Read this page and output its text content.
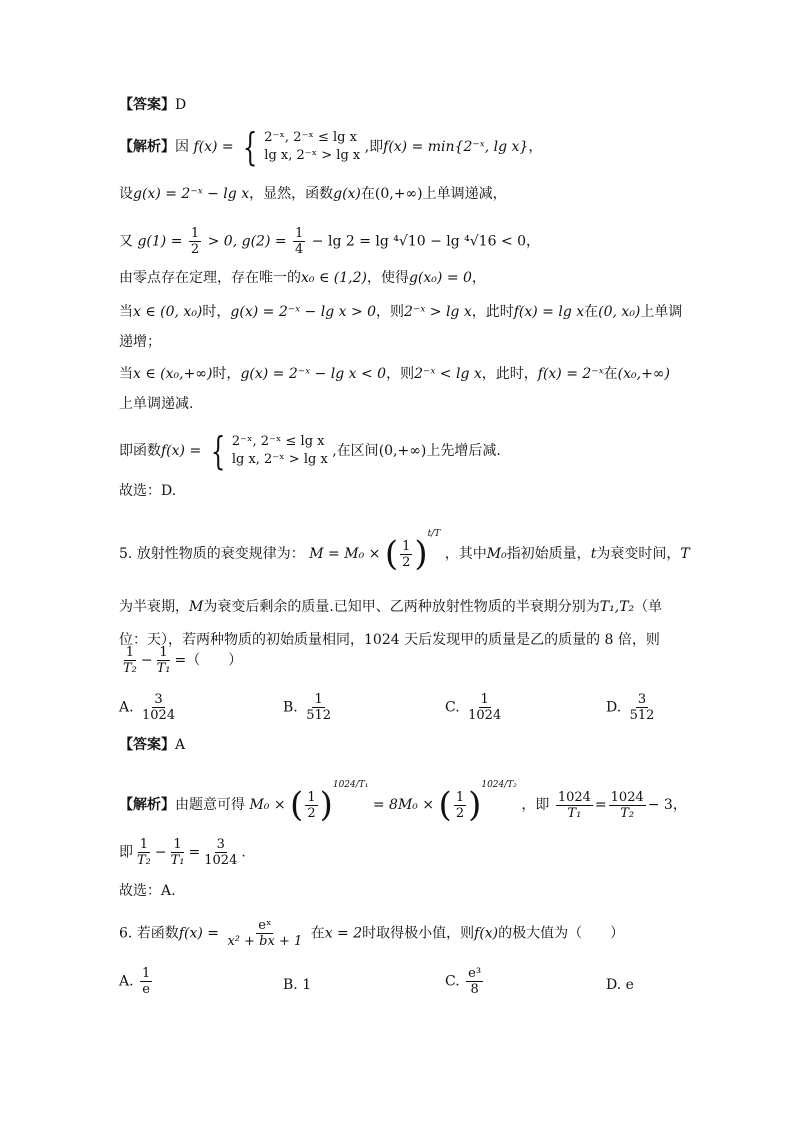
【答案】D
【解析】因 f(x) = { 2⁻ˣ, 2⁻ˣ ≤ lg x
lg x, 2⁻ˣ > lg x
,即f(x) = min{2⁻ˣ, lg x}，
设g(x) = 2⁻ˣ − lg x，显然，函数g(x)在(0,+∞)上单调递减，
又 $g(1) = \frac{1}{2} > 0$, $g(2) = \frac{1}{4} - \lg 2 = \lg ^4√10 - \lg ^4√16 < 0$，
由零点存在定理，存在唯一的x₀ ∈ (1,2)，使得g(x₀) = 0，
当x ∈ (0, x₀)时，g(x) = 2⁻ˣ − lg x > 0，则2⁻ˣ > lg x，此时f(x) = lg x在(0, x₀)上单调
递增；
当x ∈ (x₀,+∞)时，g(x) = 2⁻ˣ − lg x < 0，则2⁻ˣ < lg x，此时，f(x) = 2⁻ˣ在(x₀,+∞)
上单调递减.
即函数f(x) = { 2⁻ˣ, 2⁻ˣ ≤ lg x
lg x, 2⁻ˣ > lg x
,在区间(0,+∞)上先增后减.
故选：D.
5. 放射性物质的衰变规律为： M = M₀ × ( $\frac{1}{2} )^{t/T}$ ，其中M₀指初始质量，t为衰变时间，T
为半衰期，M为衰变后剩余的质量.已知甲、乙两种放射性物质的半衰期分别为T₁,T₂（单
位：天），若两种物质的初始质量相同，1024 天后发现甲的质量是乙的质量的 8 倍，则
$\frac{1}{\text{T₂}} - \frac{1}{\text{T₁}}$ =（　　）
A. $\frac{3}{1024}$	B. $\frac{1}{512}$	C. $\frac{1}{1024}$	D. $\frac{3}{512}$
【答案】A
【解析】由题意可得 M₀ × ( $\frac{1}{2} )^{1024/T_1} = 8M_0$ × ( $\frac{1}{2} )^{1024/T_2}$ ，即 $\frac{1024}{\text{T₁}} = \frac{1024}{\text{T₂}} - 3$，
即 $\frac{1}{\text{T₂}} - \frac{1}{\text{T₁}} = \frac{3}{1024}$ .
故选：A.
6. 若函数$f(x) = \frac{\text{eˣ}}{\text{x² + bx + 1}}$ 在x = 2时取得极小值，则f(x)的极大值为（　　）
A. $\frac{1}{e}$	B. 1	C. $\frac{\text{e³}}{8}$	D. e
